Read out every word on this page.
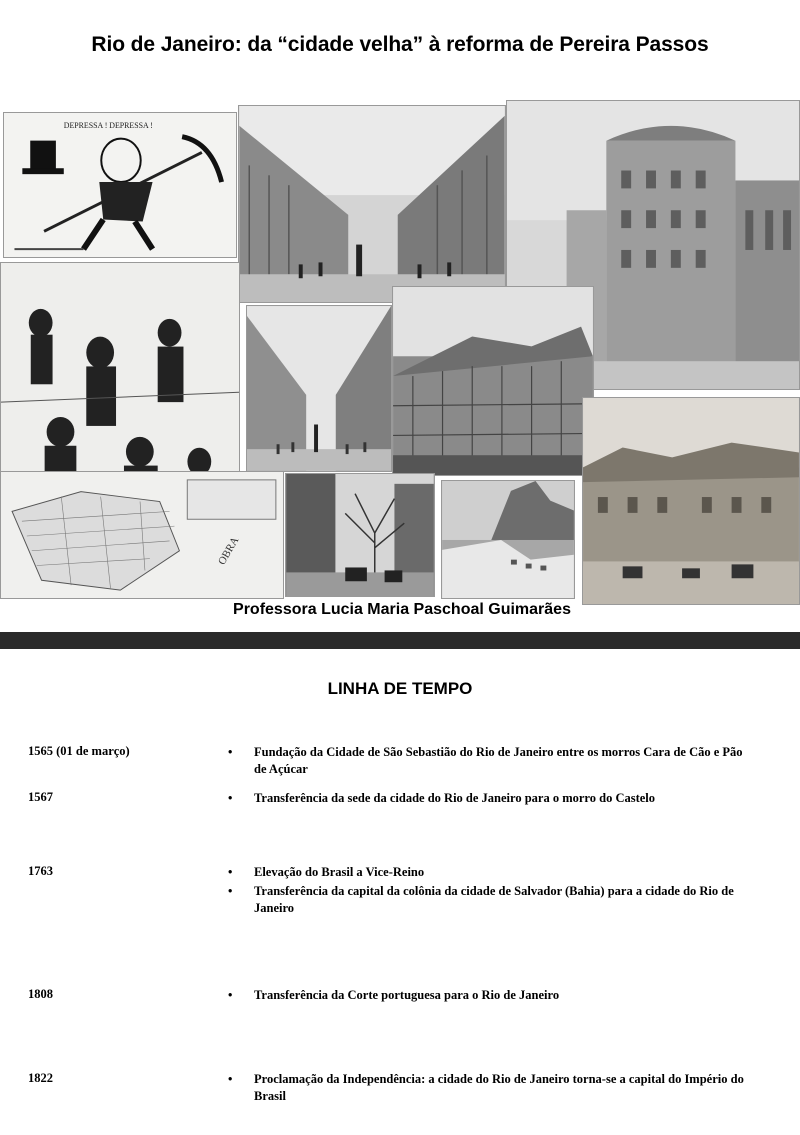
Rio de Janeiro: da “cidade velha” à reforma de Pereira Passos
DEPRESSA ! DEPRESSA !
OBRA
Professora Lucia Maria Paschoal Guimarães
LINHA DE TEMPO
1565 (01 de março)	• Fundação da Cidade de São Sebastião do Rio de Janeiro entre os morros Cara de Cão e Pão de Açúcar
1567	• Transferência da sede da cidade do Rio de Janeiro para o morro do Castelo
1763	• Elevação do Brasil a Vice-Reino
• Transferência da capital da colônia da cidade de Salvador (Bahia) para a cidade do Rio de Janeiro
1808	• Transferência da Corte portuguesa para o Rio de Janeiro
1822	• Proclamação da Independência: a cidade do Rio de Janeiro torna-se a capital do Império do Brasil
